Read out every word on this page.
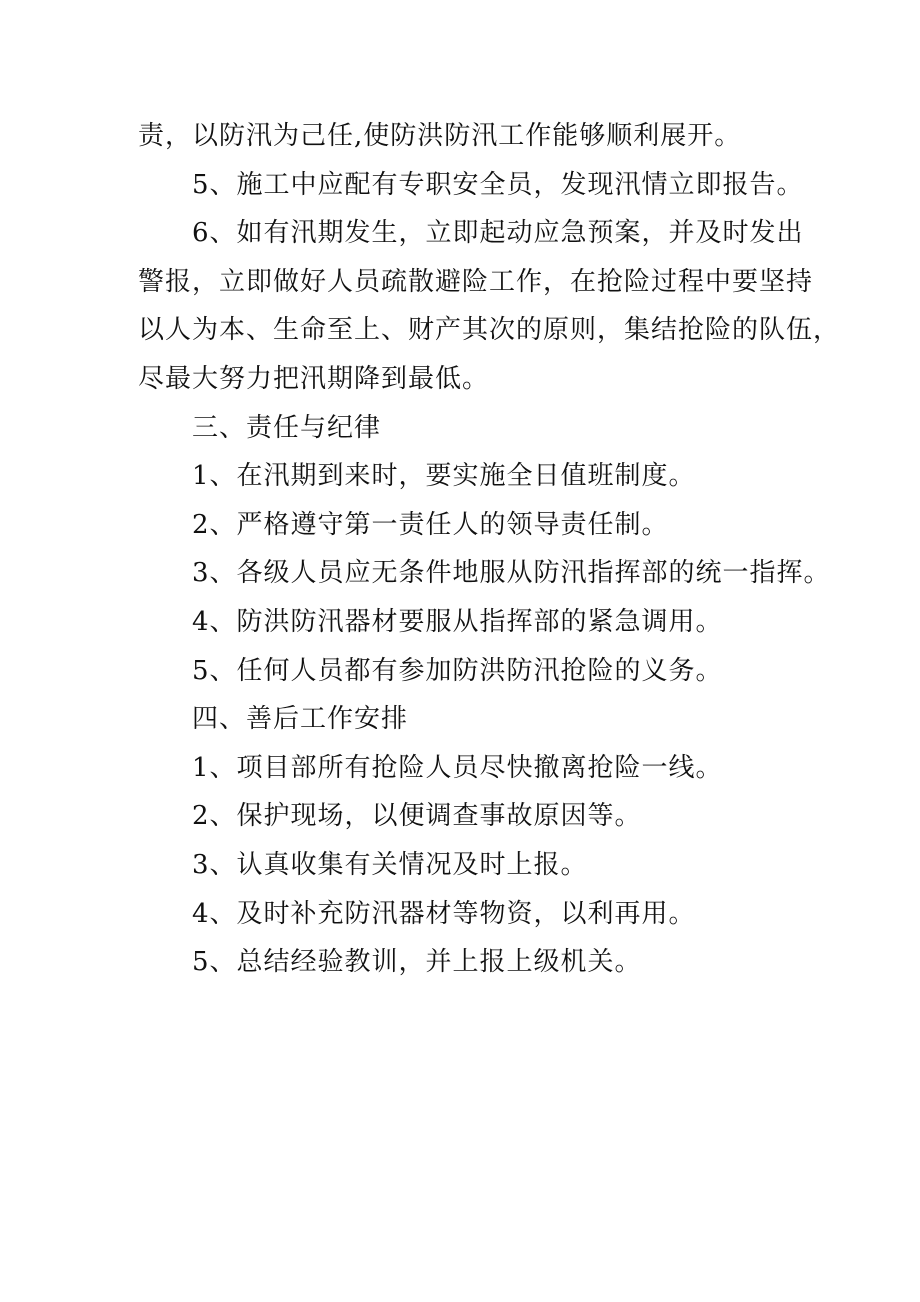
责，以防汛为己任,使防洪防汛工作能够顺利展开。

5、施工中应配有专职安全员，发现汛情立即报告。

6、如有汛期发生，立即起动应急预案，并及时发出
警报，立即做好人员疏散避险工作，在抢险过程中要坚持
以人为本、生命至上、财产其次的原则，集结抢险的队伍，
尽最大努力把汛期降到最低。

三、责任与纪律

1、在汛期到来时，要实施全日值班制度。

2、严格遵守第一责任人的领导责任制。

3、各级人员应无条件地服从防汛指挥部的统一指挥。

4、防洪防汛器材要服从指挥部的紧急调用。

5、任何人员都有参加防洪防汛抢险的义务。

四、善后工作安排

1、项目部所有抢险人员尽快撤离抢险一线。

2、保护现场，以便调查事故原因等。

3、认真收集有关情况及时上报。

4、及时补充防汛器材等物资，以利再用。

5、总结经验教训，并上报上级机关。
